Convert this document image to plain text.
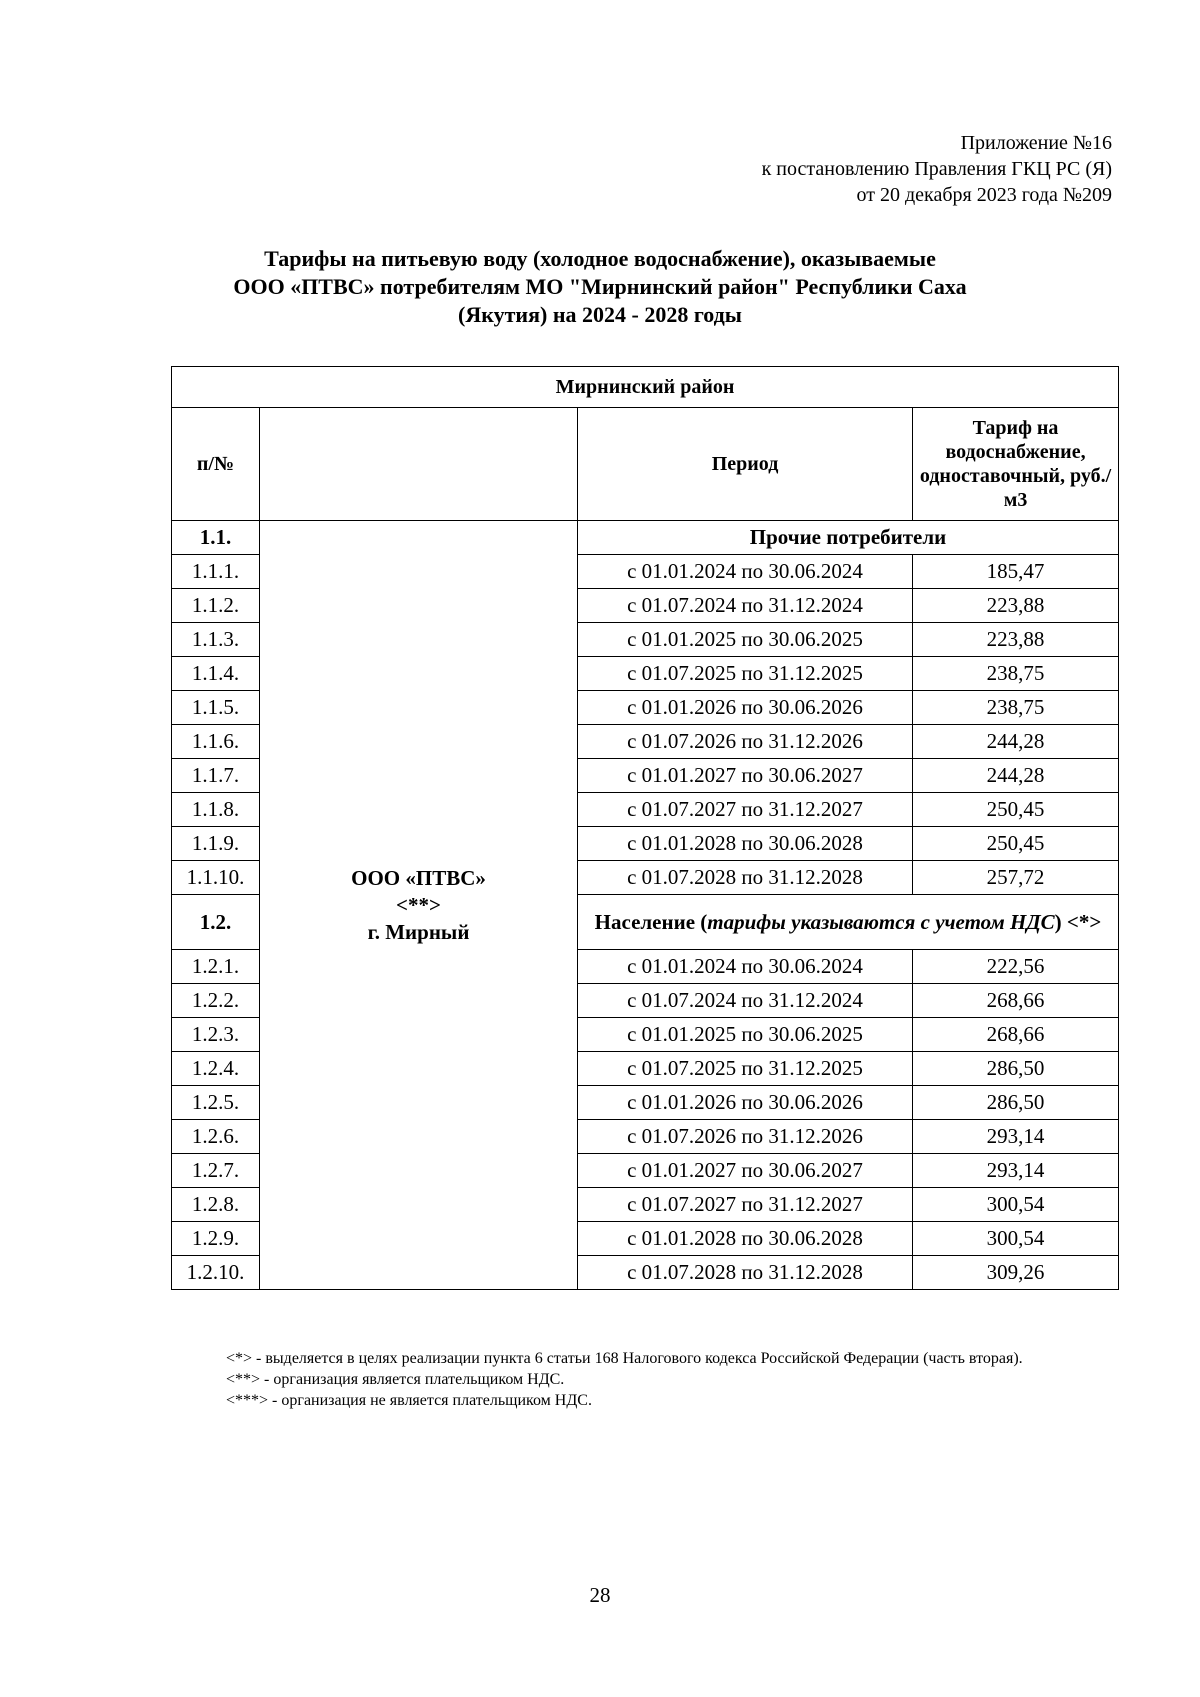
Приложение №16
к постановлению Правления ГКЦ РС (Я)
от 20 декабря 2023 года №209
Тарифы на питьевую воду (холодное водоснабжение), оказываемые
ООО «ПТВС» потребителям МО "Мирнинский район" Республики Саха
(Якутия) на 2024 - 2028 годы
Мирнинский район			
п/№		Период	Тариф на водоснабжение, одноставочный, руб./м3
1.1.	ООО «ПТВС»
<**>
г. Мирный	Прочие потребители	
1.1.1.		с 01.01.2024 по 30.06.2024	185,47
1.1.2.		с 01.07.2024 по 31.12.2024	223,88
1.1.3.		с 01.01.2025 по 30.06.2025	223,88
1.1.4.		с 01.07.2025 по 31.12.2025	238,75
1.1.5.		с 01.01.2026 по 30.06.2026	238,75
1.1.6.		с 01.07.2026 по 31.12.2026	244,28
1.1.7.		с 01.01.2027 по 30.06.2027	244,28
1.1.8.		с 01.07.2027 по 31.12.2027	250,45
1.1.9.		с 01.01.2028 по 30.06.2028	250,45
1.1.10.		с 01.07.2028 по 31.12.2028	257,72
1.2.		Население (тарифы указываются с учетом НДС) <*>	
1.2.1.		с 01.01.2024 по 30.06.2024	222,56
1.2.2.		с 01.07.2024 по 31.12.2024	268,66
1.2.3.		с 01.01.2025 по 30.06.2025	268,66
1.2.4.		с 01.07.2025 по 31.12.2025	286,50
1.2.5.		с 01.01.2026 по 30.06.2026	286,50
1.2.6.		с 01.07.2026 по 31.12.2026	293,14
1.2.7.		с 01.01.2027 по 30.06.2027	293,14
1.2.8.		с 01.07.2027 по 31.12.2027	300,54
1.2.9.		с 01.01.2028 по 30.06.2028	300,54
1.2.10.		с 01.07.2028 по 31.12.2028	309,26

<*> - выделяется в целях реализации пункта 6 статьи 168 Налогового кодекса Российской Федерации (часть вторая).

<**> - организация является плательщиком НДС.

<***> - организация не является плательщиком НДС.

28
